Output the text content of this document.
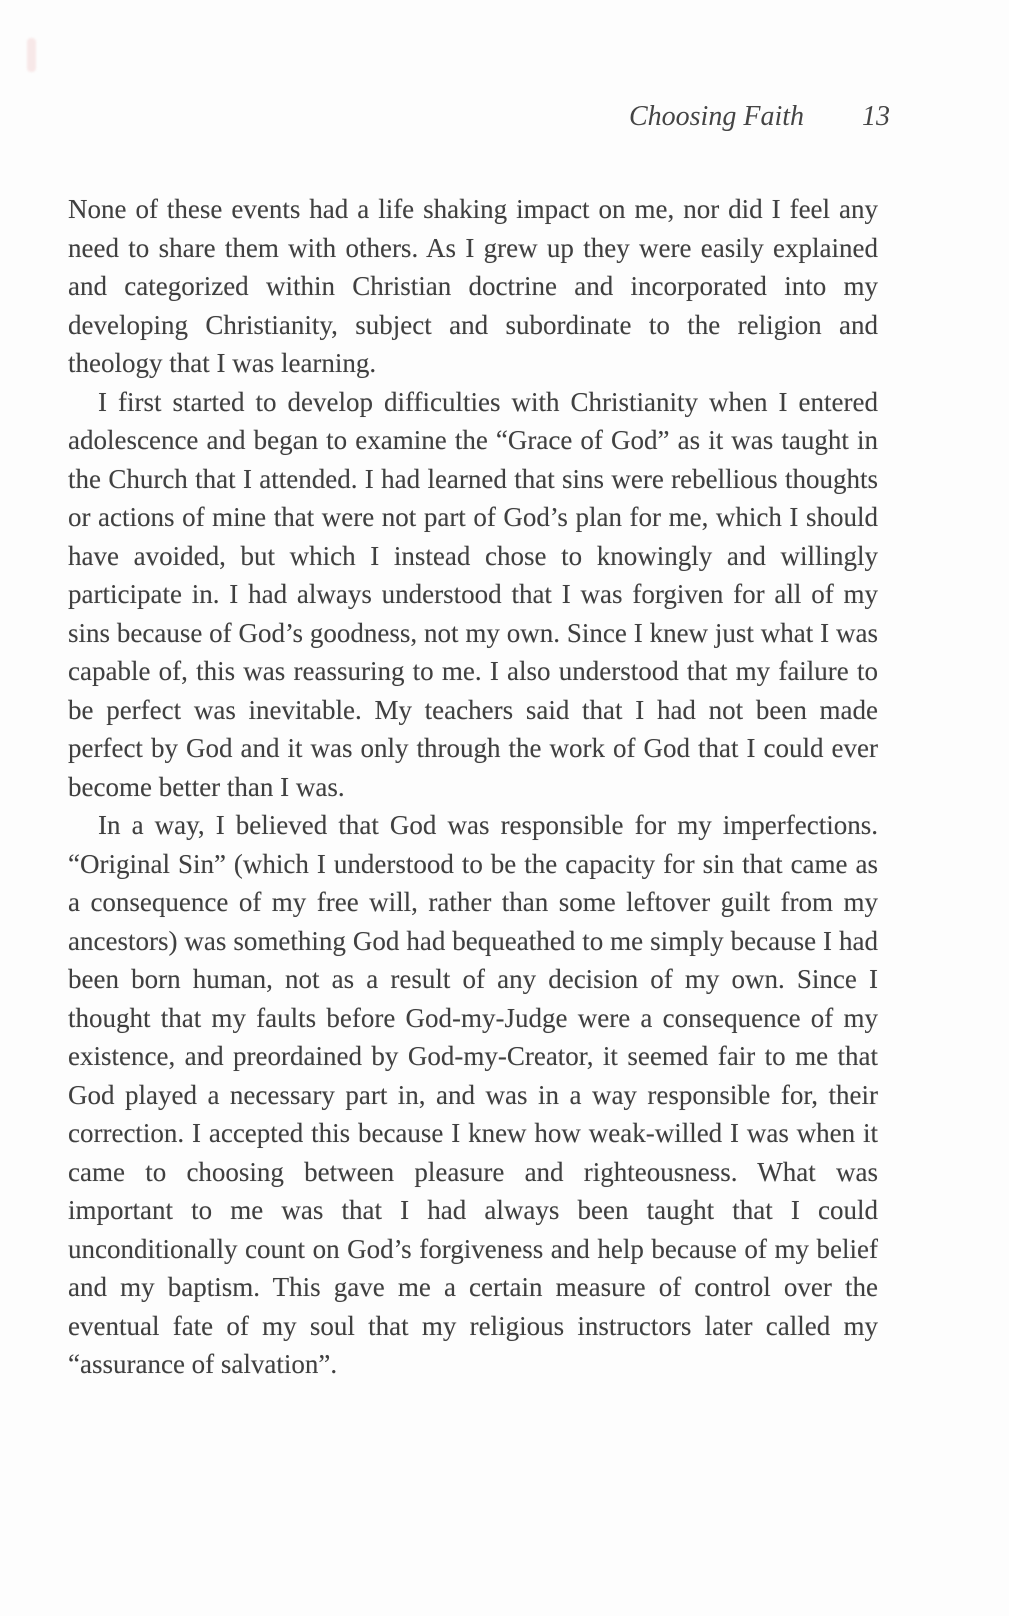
Choosing Faith 13

None of these events had a life shaking impact on me, nor did I feel any need to share them with others. As I grew up they were easily explained and categorized within Christian doctrine and incorporated into my developing Christianity, subject and subordinate to the religion and theology that I was learning.

I first started to develop difficulties with Christianity when I entered adolescence and began to examine the “Grace of God” as it was taught in the Church that I attended. I had learned that sins were rebellious thoughts or actions of mine that were not part of God’s plan for me, which I should have avoided, but which I instead chose to knowingly and willingly participate in. I had always understood that I was forgiven for all of my sins because of God’s goodness, not my own. Since I knew just what I was capable of, this was reassuring to me. I also understood that my failure to be perfect was inevitable. My teachers said that I had not been made perfect by God and it was only through the work of God that I could ever become better than I was.

In a way, I believed that God was responsible for my imperfections. “Original Sin” (which I understood to be the capacity for sin that came as a consequence of my free will, rather than some leftover guilt from my ancestors) was something God had bequeathed to me simply because I had been born human, not as a result of any decision of my own. Since I thought that my faults before God-my-Judge were a consequence of my existence, and preordained by God-my-Creator, it seemed fair to me that God played a necessary part in, and was in a way responsible for, their correction. I accepted this because I knew how weak-willed I was when it came to choosing between pleasure and righteousness. What was important to me was that I had always been taught that I could unconditionally count on God’s forgiveness and help because of my belief and my baptism. This gave me a certain measure of control over the eventual fate of my soul that my religious instructors later called my “assurance of salvation”.
